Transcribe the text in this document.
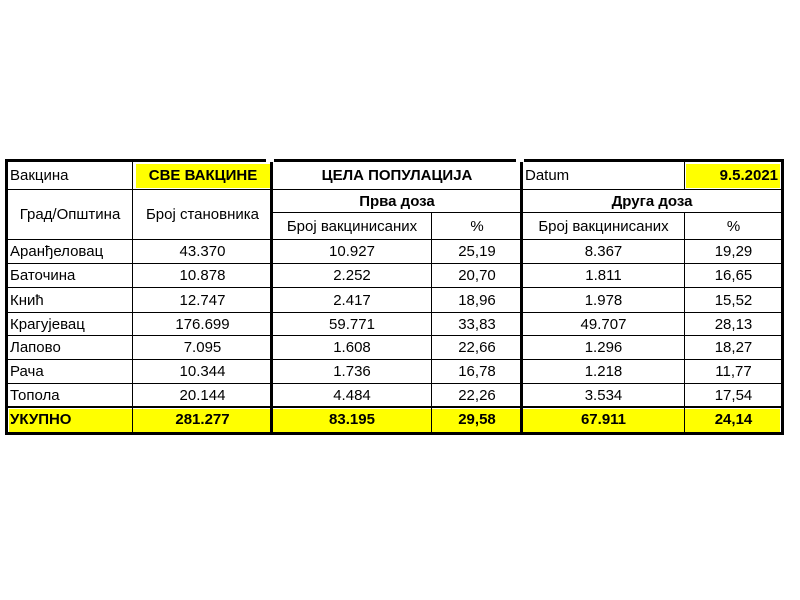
Вакцина	СВЕ ВАКЦИНЕ	ЦЕЛА ПОПУЛАЦИЈА	Datum	9.5.2021
Град/Општина	Број становника
Прва доза	Друга доза
Број вакцинисаних	%	Број вакцинисаних	%
Аранђеловац	43.370	10.927	25,19	8.367	19,29
Баточина	10.878	2.252	20,70	1.811	16,65
Кнић	12.747	2.417	18,96	1.978	15,52
Крагујевац	176.699	59.771	33,83	49.707	28,13
Лапово	7.095	1.608	22,66	1.296	18,27
Рача	10.344	1.736	16,78	1.218	11,77
Топола	20.144	4.484	22,26	3.534	17,54
УКУПНО	281.277	83.195	29,58	67.911	24,14
